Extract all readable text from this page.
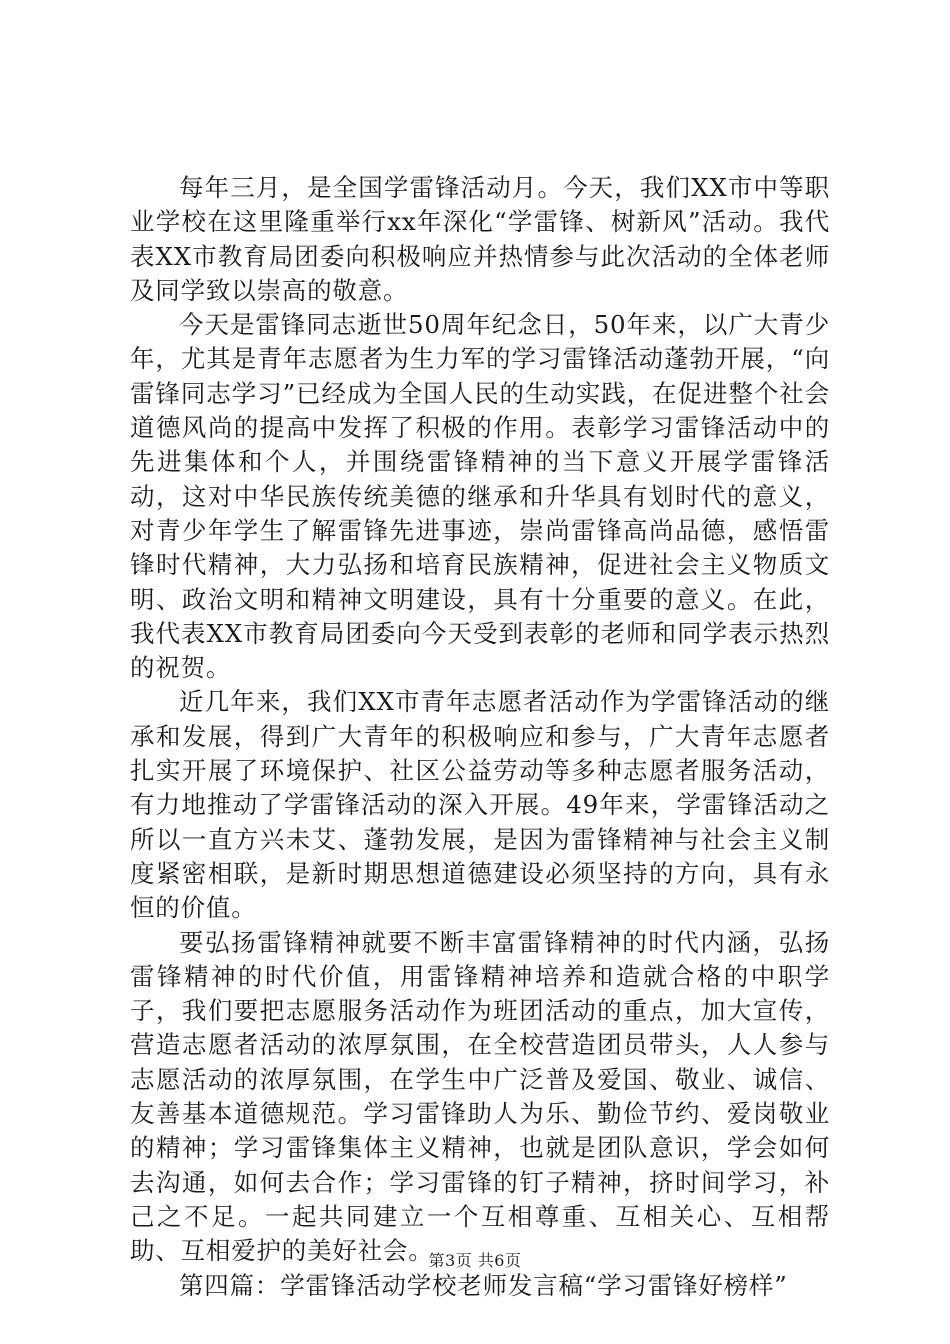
每年三月，是全国学雷锋活动月。今天，我们XX市中等职业学校在这里隆重举行xx年深化“学雷锋、树新风”活动。我代表XX市教育局团委向积极响应并热情参与此次活动的全体老师及同学致以崇高的敬意。

今天是雷锋同志逝世50周年纪念日，50年来，以广大青少年，尤其是青年志愿者为生力军的学习雷锋活动蓬勃开展，“向雷锋同志学习”已经成为全国人民的生动实践，在促进整个社会道德风尚的提高中发挥了积极的作用。表彰学习雷锋活动中的先进集体和个人，并围绕雷锋精神的当下意义开展学雷锋活动，这对中华民族传统美德的继承和升华具有划时代的意义，对青少年学生了解雷锋先进事迹，崇尚雷锋高尚品德，感悟雷锋时代精神，大力弘扬和培育民族精神，促进社会主义物质文明、政治文明和精神文明建设，具有十分重要的意义。在此，我代表XX市教育局团委向今天受到表彰的老师和同学表示热烈的祝贺。

近几年来，我们XX市青年志愿者活动作为学雷锋活动的继承和发展，得到广大青年的积极响应和参与，广大青年志愿者扎实开展了环境保护、社区公益劳动等多种志愿者服务活动，有力地推动了学雷锋活动的深入开展。49年来，学雷锋活动之所以一直方兴未艾、蓬勃发展，是因为雷锋精神与社会主义制度紧密相联，是新时期思想道德建设必须坚持的方向，具有永恒的价值。

要弘扬雷锋精神就要不断丰富雷锋精神的时代内涵，弘扬雷锋精神的时代价值，用雷锋精神培养和造就合格的中职学子，我们要把志愿服务活动作为班团活动的重点，加大宣传，营造志愿者活动的浓厚氛围，在全校营造团员带头，人人参与志愿活动的浓厚氛围，在学生中广泛普及爱国、敬业、诚信、友善基本道德规范。学习雷锋助人为乐、勤俭节约、爱岗敬业的精神；学习雷锋集体主义精神，也就是团队意识，学会如何去沟通，如何去合作；学习雷锋的钉子精神，挤时间学习，补己之不足。一起共同建立一个互相尊重、互相关心、互相帮助、互相爱护的美好社会。

第四篇：学雷锋活动学校老师发言稿“学习雷锋好榜样”

第3页 共6页
